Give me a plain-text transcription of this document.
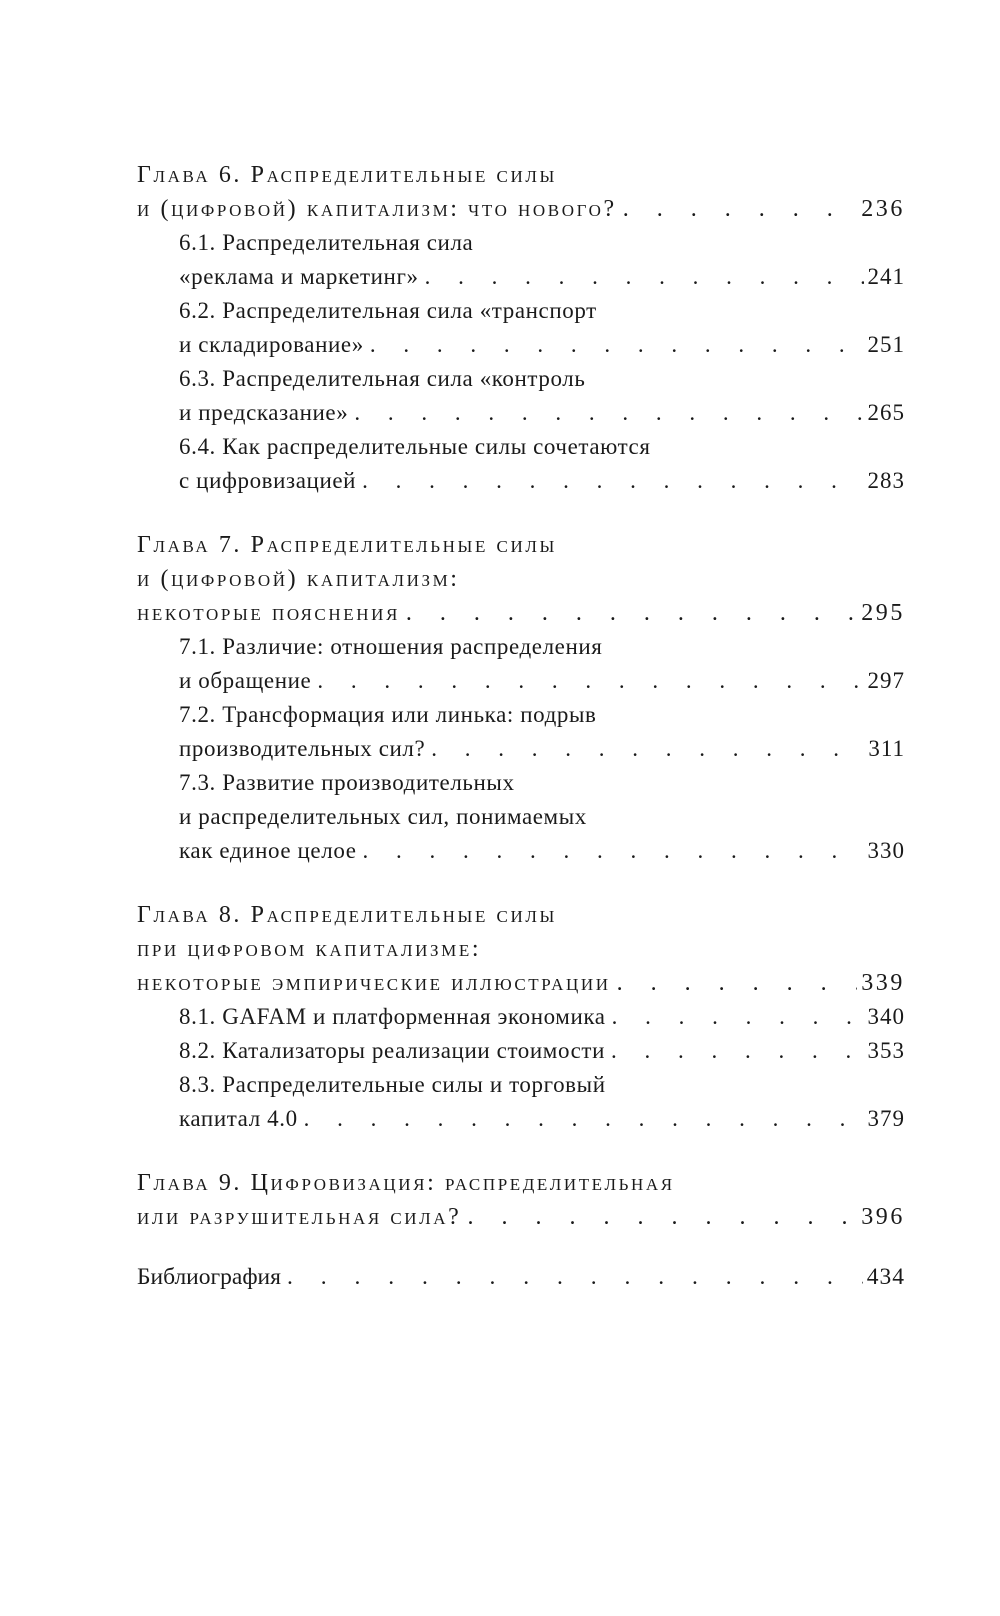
Глава 6. Распределительные силы
и (цифровой) капитализм: что нового? . . .	236
6.1. Распределительная сила
«реклама и маркетинг» . . .	241
6.2. Распределительная сила «транспорт
и складирование» . . .	251
6.3. Распределительная сила «контроль
и предсказание» . . .	265
6.4. Как распределительные силы сочетаются
с цифровизацией . . .	283
Глава 7. Распределительные силы
и (цифровой) капитализм:
некоторые пояснения . . .	295
7.1. Различие: отношения распределения
и обращение . . .	297
7.2. Трансформация или линька: подрыв
производительных сил? . . .	311
7.3. Развитие производительных
и распределительных сил, понимаемых
как единое целое . . .	330
Глава 8. Распределительные силы
при цифровом капитализме:
некоторые эмпирические иллюстрации . . .	339
8.1. GAFAM и платформенная экономика . . .	340
8.2. Катализаторы реализации стоимости . . .	353
8.3. Распределительные силы и торговый
капитал 4.0 . . .	379
Глава 9. Цифровизация: распределительная
или разрушительная сила? . . .	396
Библиография . . .	434
